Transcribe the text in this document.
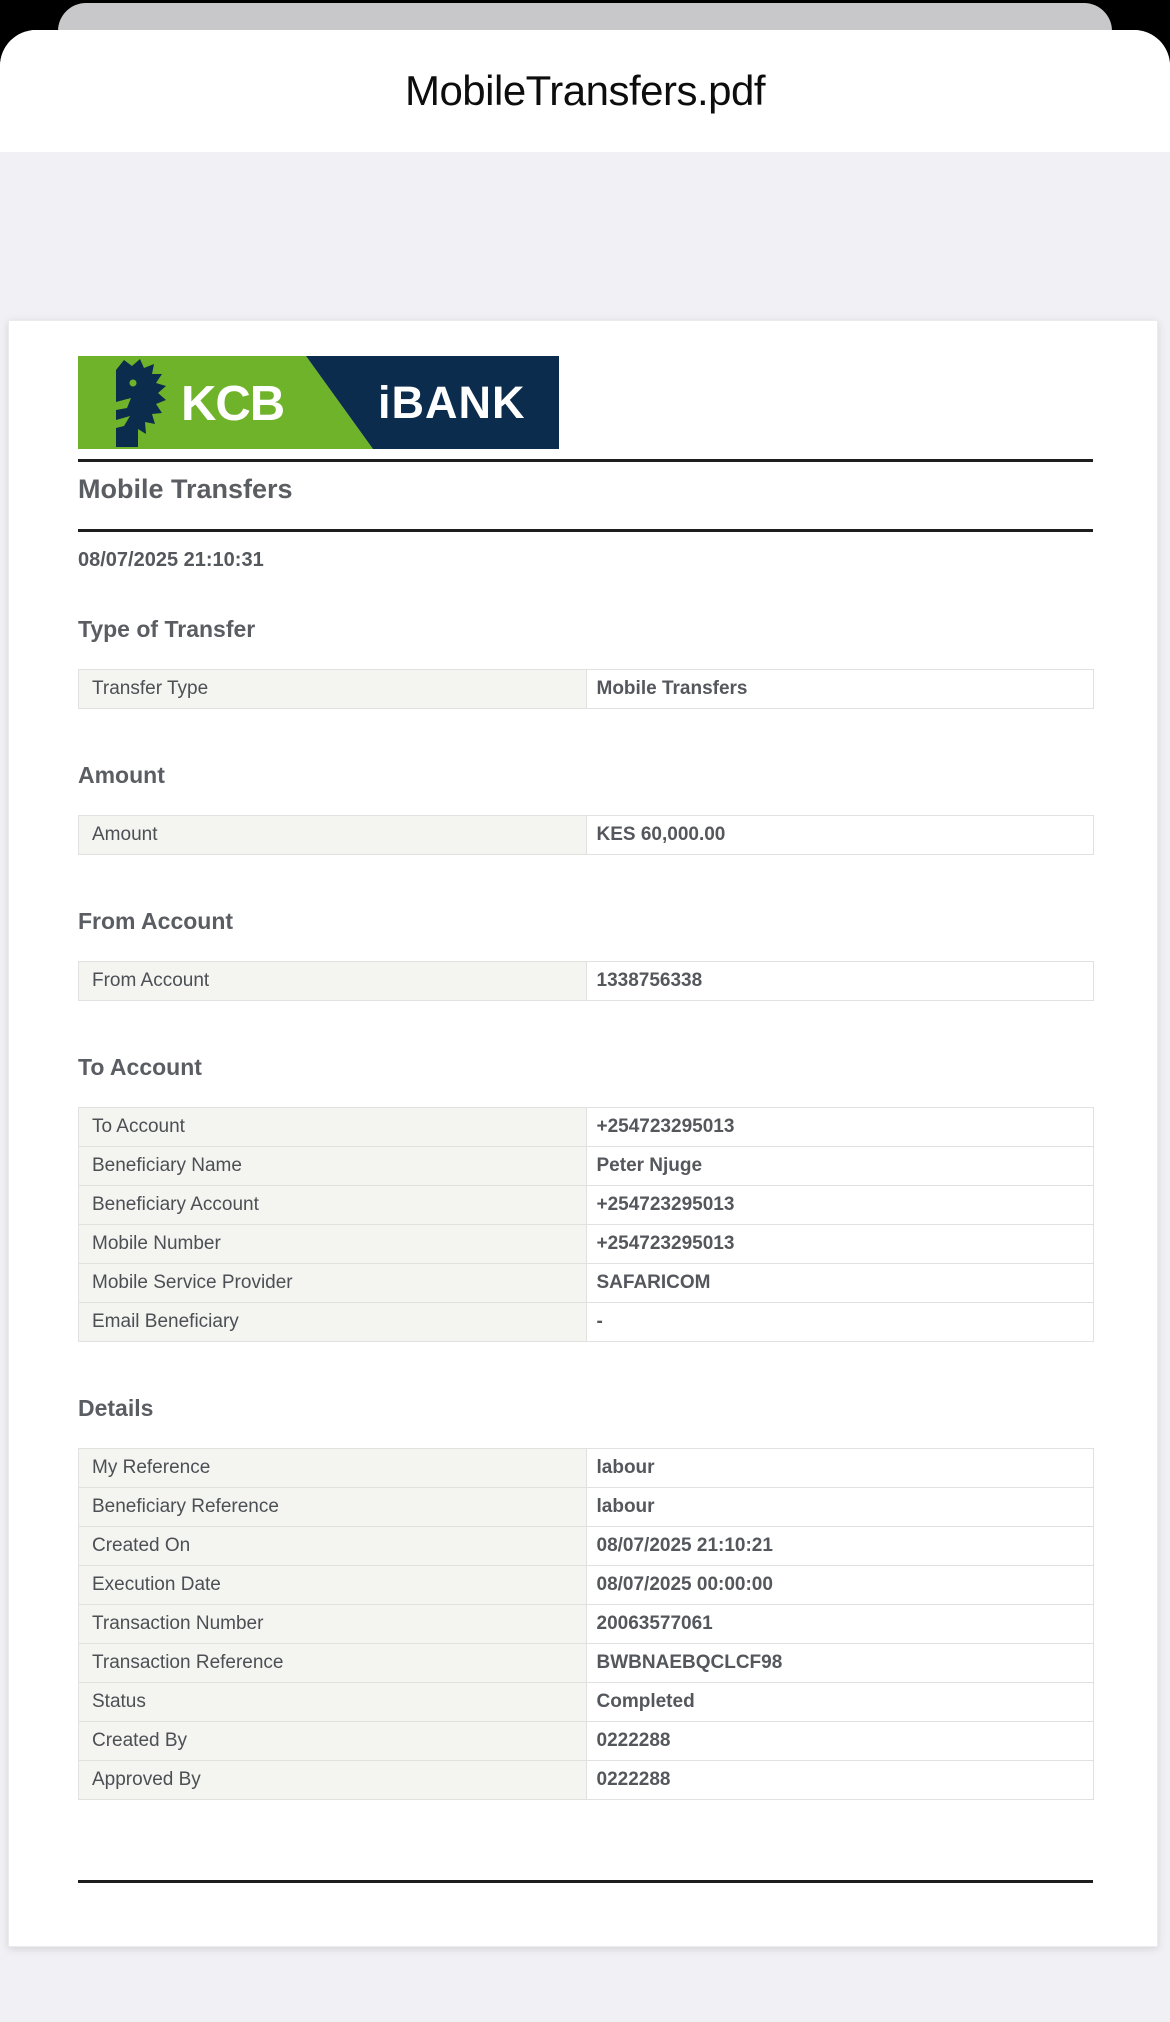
MobileTransfers.pdf
KCB iBANK
Mobile Transfers
08/07/2025 21:10:31
Type of Transfer
Transfer Type	Mobile Transfers
Amount
Amount	KES 60,000.00
From Account
From Account	1338756338
To Account
To Account	+254723295013
Beneficiary Name	Peter Njuge
Beneficiary Account	+254723295013
Mobile Number	+254723295013
Mobile Service Provider	SAFARICOM
Email Beneficiary	-
Details
My Reference	labour
Beneficiary Reference	labour
Created On	08/07/2025 21:10:21
Execution Date	08/07/2025 00:00:00
Transaction Number	20063577061
Transaction Reference	BWBNAEBQCLCF98
Status	Completed
Created By	0222288
Approved By	0222288
